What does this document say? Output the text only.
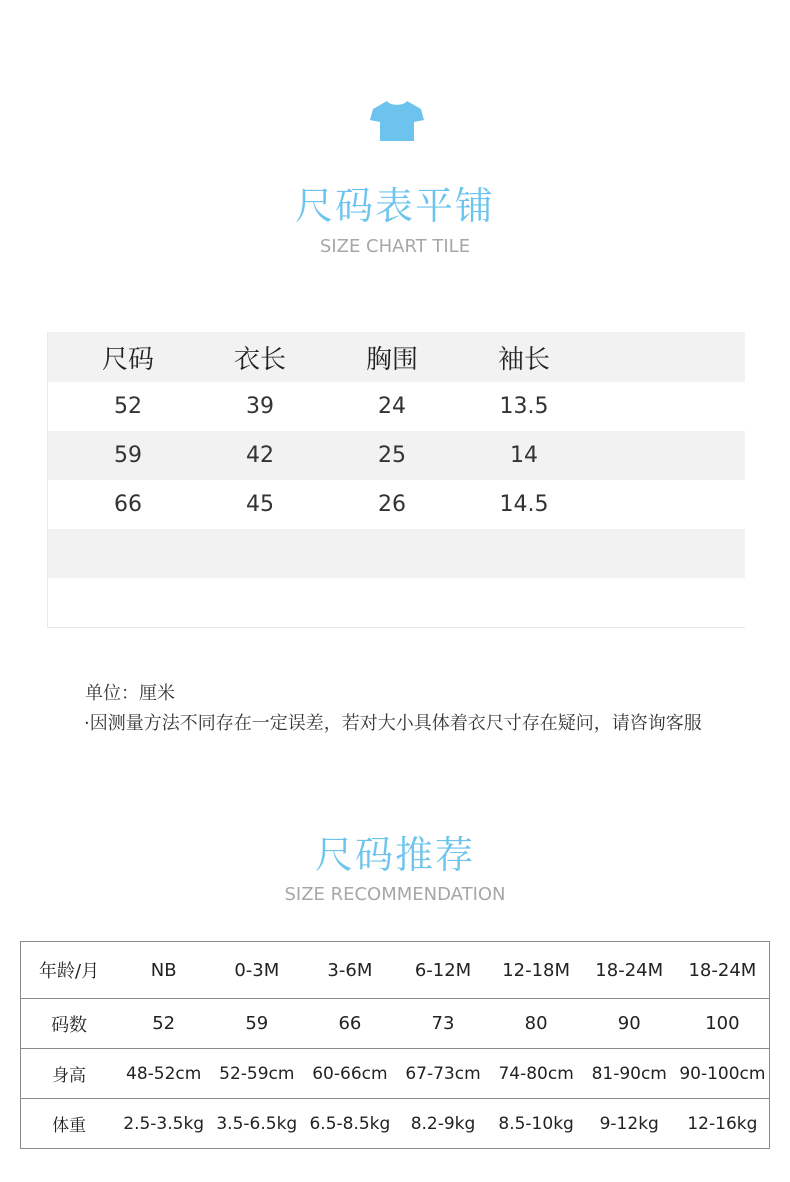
尺码表平铺
SIZE CHART TILE
尺码	衣长	胸围	袖长
52	39	24	13.5
59	42	25	14
66	45	26	14.5
单位：厘米
·因测量方法不同存在一定误差，若对大小具体着衣尺寸存在疑问，请咨询客服
尺码推荐
SIZE RECOMMENDATION
年龄/月	NB	0-3M	3-6M	6-12M	12-18M	18-24M	18-24M
码数	52	59	66	73	80	90	100
身高	48-52cm	52-59cm	60-66cm	67-73cm	74-80cm	81-90cm	90-100cm
体重	2.5-3.5kg	3.5-6.5kg	6.5-8.5kg	8.2-9kg	8.5-10kg	9-12kg	12-16kg
